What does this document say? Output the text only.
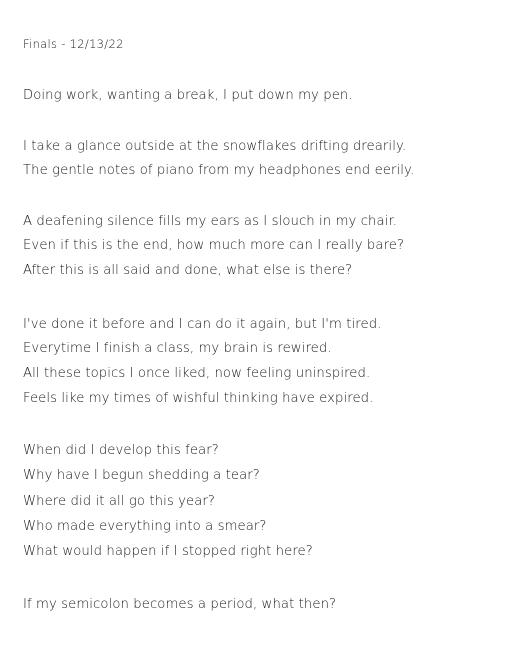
Finals - 12/13/22
Doing work, wanting a break, I put down my pen.
I take a glance outside at the snowflakes drifting drearily.
The gentle notes of piano from my headphones end eerily.
A deafening silence fills my ears as I slouch in my chair.
Even if this is the end, how much more can I really bare?
After this is all said and done, what else is there?
I've done it before and I can do it again, but I'm tired.
Everytime I finish a class, my brain is rewired.
All these topics I once liked, now feeling uninspired.
Feels like my times of wishful thinking have expired.
When did I develop this fear?
Why have I begun shedding a tear?
Where did it all go this year?
Who made everything into a smear?
What would happen if I stopped right here?
If my semicolon becomes a period, what then?
